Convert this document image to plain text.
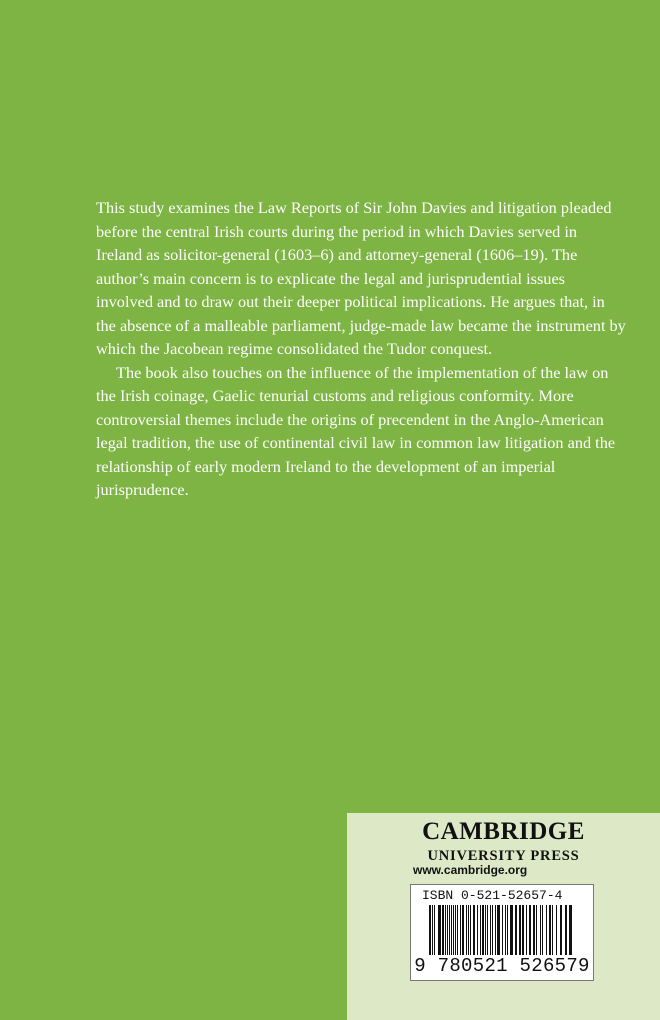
This study examines the Law Reports of Sir John Davies and litigation pleaded before the central Irish courts during the period in which Davies served in Ireland as solicitor-general (1603–6) and attorney-general (1606–19). The author’s main concern is to explicate the legal and jurisprudential issues involved and to draw out their deeper political implications. He argues that, in the absence of a malleable parliament, judge-made law became the instrument by which the Jacobean regime consolidated the Tudor conquest.

The book also touches on the influence of the implementation of the law on the Irish coinage, Gaelic tenurial customs and religious conformity. More controversial themes include the origins of precendent in the Anglo-American legal tradition, the use of continental civil law in common law litigation and the relationship of early modern Ireland to the development of an imperial jurisprudence.

CAMBRIDGE
UNIVERSITY PRESS
www.cambridge.org
ISBN 0-521-52657-4
9 780521 526579
